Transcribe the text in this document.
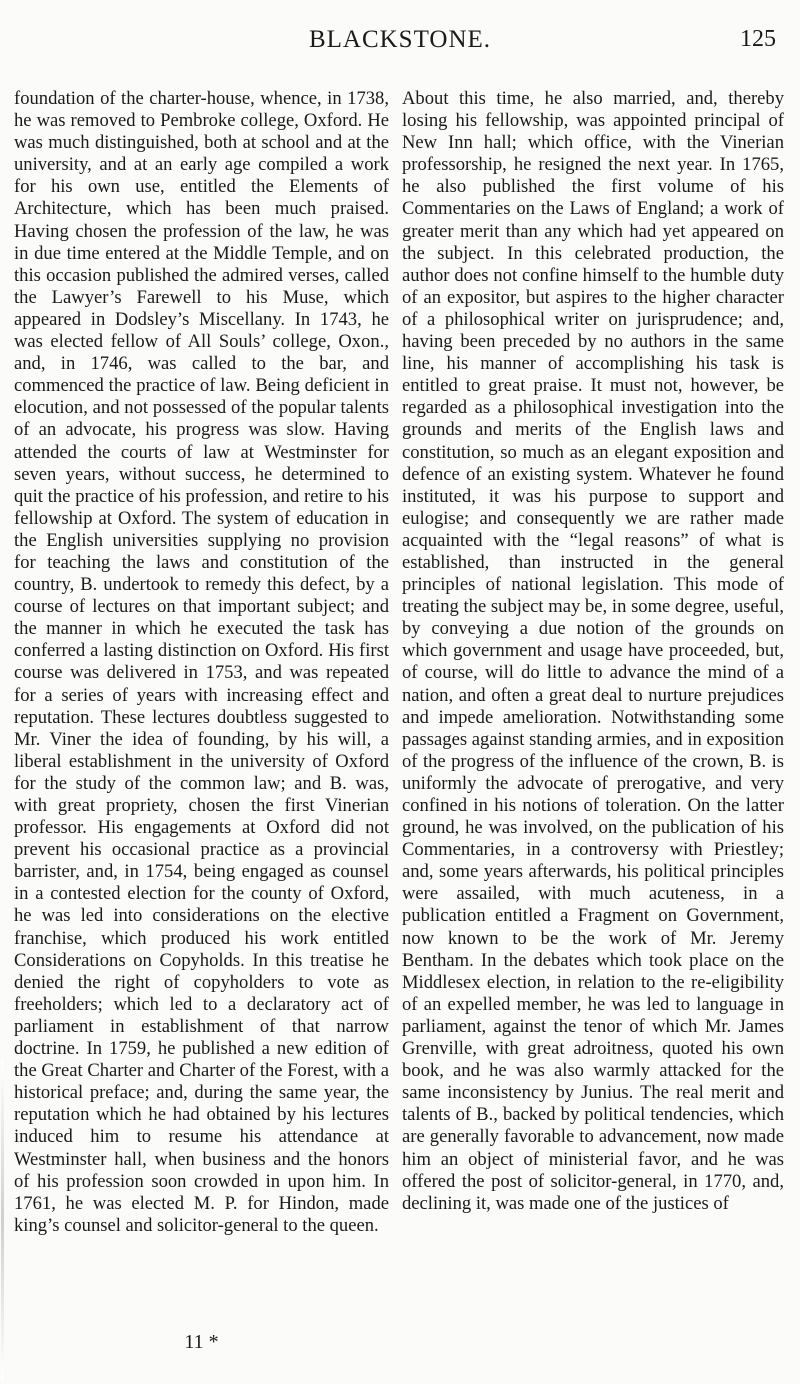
BLACKSTONE.	125

foundation of the charter-house, whence, in 1738, he was removed to Pembroke college, Oxford. He was much distinguished, both at school and at the university, and at an early age compiled a work for his own use, entitled the Elements of Architecture, which has been much praised. Having chosen the profession of the law, he was in due time entered at the Middle Temple, and on this occasion published the admired verses, called the Lawyer’s Farewell to his Muse, which appeared in Dodsley’s Miscellany. In 1743, he was elected fellow of All Souls’ college, Oxon., and, in 1746, was called to the bar, and commenced the practice of law. Being deficient in elocution, and not possessed of the popular talents of an advocate, his progress was slow. Having attended the courts of law at Westminster for seven years, without success, he determined to quit the practice of his profession, and retire to his fellowship at Oxford. The system of education in the English universities supplying no provision for teaching the laws and constitution of the country, B. undertook to remedy this defect, by a course of lectures on that important subject; and the manner in which he executed the task has conferred a lasting distinction on Oxford. His first course was delivered in 1753, and was repeated for a series of years with increasing effect and reputation. These lectures doubtless suggested to Mr. Viner the idea of founding, by his will, a liberal establishment in the university of Oxford for the study of the common law; and B. was, with great propriety, chosen the first Vinerian professor. His engagements at Oxford did not prevent his occasional practice as a provincial barrister, and, in 1754, being engaged as counsel in a contested election for the county of Oxford, he was led into considerations on the elective franchise, which produced his work entitled Considerations on Copyholds. In this treatise he denied the right of copyholders to vote as freeholders; which led to a declaratory act of parliament in establishment of that narrow doctrine. In 1759, he published a new edition of the Great Charter and Charter of the Forest, with a historical preface; and, during the same year, the reputation which he had obtained by his lectures induced him to resume his attendance at Westminster hall, when business and the honors of his profession soon crowded in upon him. In 1761, he was elected M. P. for Hindon, made king’s counsel and solicitor-general to the queen.

About this time, he also married, and, thereby losing his fellowship, was appointed principal of New Inn hall; which office, with the Vinerian professorship, he resigned the next year. In 1765, he also published the first volume of his Commentaries on the Laws of England; a work of greater merit than any which had yet appeared on the subject. In this celebrated production, the author does not confine himself to the humble duty of an expositor, but aspires to the higher character of a philosophical writer on jurisprudence; and, having been preceded by no authors in the same line, his manner of accomplishing his task is entitled to great praise. It must not, however, be regarded as a philosophical investigation into the grounds and merits of the English laws and constitution, so much as an elegant exposition and defence of an existing system. Whatever he found instituted, it was his purpose to support and eulogise; and consequently we are rather made acquainted with the “legal reasons” of what is established, than instructed in the general principles of national legislation. This mode of treating the subject may be, in some degree, useful, by conveying a due notion of the grounds on which government and usage have proceeded, but, of course, will do little to advance the mind of a nation, and often a great deal to nurture prejudices and impede amelioration. Notwithstanding some passages against standing armies, and in exposition of the progress of the influence of the crown, B. is uniformly the advocate of prerogative, and very confined in his notions of toleration. On the latter ground, he was involved, on the publication of his Commentaries, in a controversy with Priestley; and, some years afterwards, his political principles were assailed, with much acuteness, in a publication entitled a Fragment on Government, now known to be the work of Mr. Jeremy Bentham. In the debates which took place on the Middlesex election, in relation to the re-eligibility of an expelled member, he was led to language in parliament, against the tenor of which Mr. James Grenville, with great adroitness, quoted his own book, and he was also warmly attacked for the same inconsistency by Junius. The real merit and talents of B., backed by political tendencies, which are generally favorable to advancement, now made him an object of ministerial favor, and he was offered the post of solicitor-general, in 1770, and, declining it, was made one of the justices of

11 *
